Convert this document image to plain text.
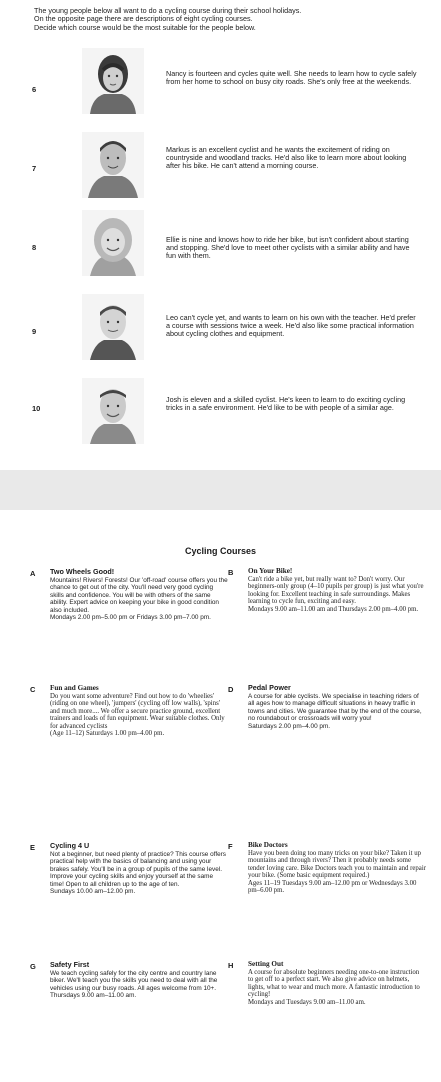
The young people below all want to do a cycling course during their school holidays.
On the opposite page there are descriptions of eight cycling courses.
Decide which course would be the most suitable for the people below.
6
Nancy is fourteen and cycles quite well. She needs to learn how to cycle safely from her home to school on busy city roads. She's only free at the weekends.
7
Markus is an excellent cyclist and he wants the excitement of riding on countryside and woodland tracks. He'd also like to learn more about looking after his bike. He can't attend a morning course.
8
Ellie is nine and knows how to ride her bike, but isn't confident about starting and stopping. She'd love to meet other cyclists with a similar ability and have fun with them.
9
Leo can't cycle yet, and wants to learn on his own with the teacher. He'd prefer a course with sessions twice a week. He'd also like some practical information about cycling clothes and equipment.
10
Josh is eleven and a skilled cyclist. He's keen to learn to do exciting cycling tricks in a safe environment. He'd like to be with people of a similar age.
Cycling Courses
A Two Wheels Good!
Mountains! Rivers! Forests! Our 'off-road' course offers you the chance to get out of the city. You'll need very good cycling skills and confidence. You will be with others of the same ability. Expert advice on keeping your bike in good condition also included.
Mondays 2.00 pm–5.00 pm or Fridays 3.00 pm–7.00 pm.
B On Your Bike!
Can't ride a bike yet, but really want to? Don't worry. Our beginners-only group (4–10 pupils per group) is just what you're looking for. Excellent teaching in safe surroundings. Makes learning to cycle fun, exciting and easy.
Mondays 9.00 am–11.00 am and Thursdays 2.00 pm–4.00 pm.
C Fun and Games
Do you want some adventure? Find out how to do 'wheelies' (riding on one wheel), 'jumpers' (cycling off low walls), 'spins' and much more.... We offer a secure practice ground, excellent trainers and loads of fun equipment. Wear suitable clothes. Only for advanced cyclists
(Age 11–12) Saturdays 1.00 pm–4.00 pm.
D Pedal Power
A course for able cyclists. We specialise in teaching riders of all ages how to manage difficult situations in heavy traffic in towns and cities. We guarantee that by the end of the course, no roundabout or crossroads will worry you!
Saturdays 2.00 pm–4.00 pm.
E Cycling 4 U
Not a beginner, but need plenty of practice? This course offers practical help with the basics of balancing and using your brakes safely. You'll be in a group of pupils of the same level. Improve your cycling skills and enjoy yourself at the same time! Open to all children up to the age of ten.
Sundays 10.00 am–12.00 pm.
F Bike Doctors
Have you been doing too many tricks on your bike? Taken it up mountains and through rivers? Then it probably needs some tender loving care. Bike Doctors teach you to maintain and repair your bike. (Some basic equipment required.)
Ages 11–19 Tuesdays 9.00 am–12.00 pm or Wednesdays 3.00 pm–6.00 pm.
G Safety First
We teach cycling safely for the city centre and country lane biker. We'll teach you the skills you need to deal with all the vehicles using our busy roads. All ages welcome from 10+.
Thursdays 9.00 am–11.00 am.
H Setting Out
A course for absolute beginners needing one-to-one instruction to get off to a perfect start. We also give advice on helmets, lights, what to wear and much more. A fantastic introduction to cycling!
Mondays and Tuesdays 9.00 am–11.00 am.
